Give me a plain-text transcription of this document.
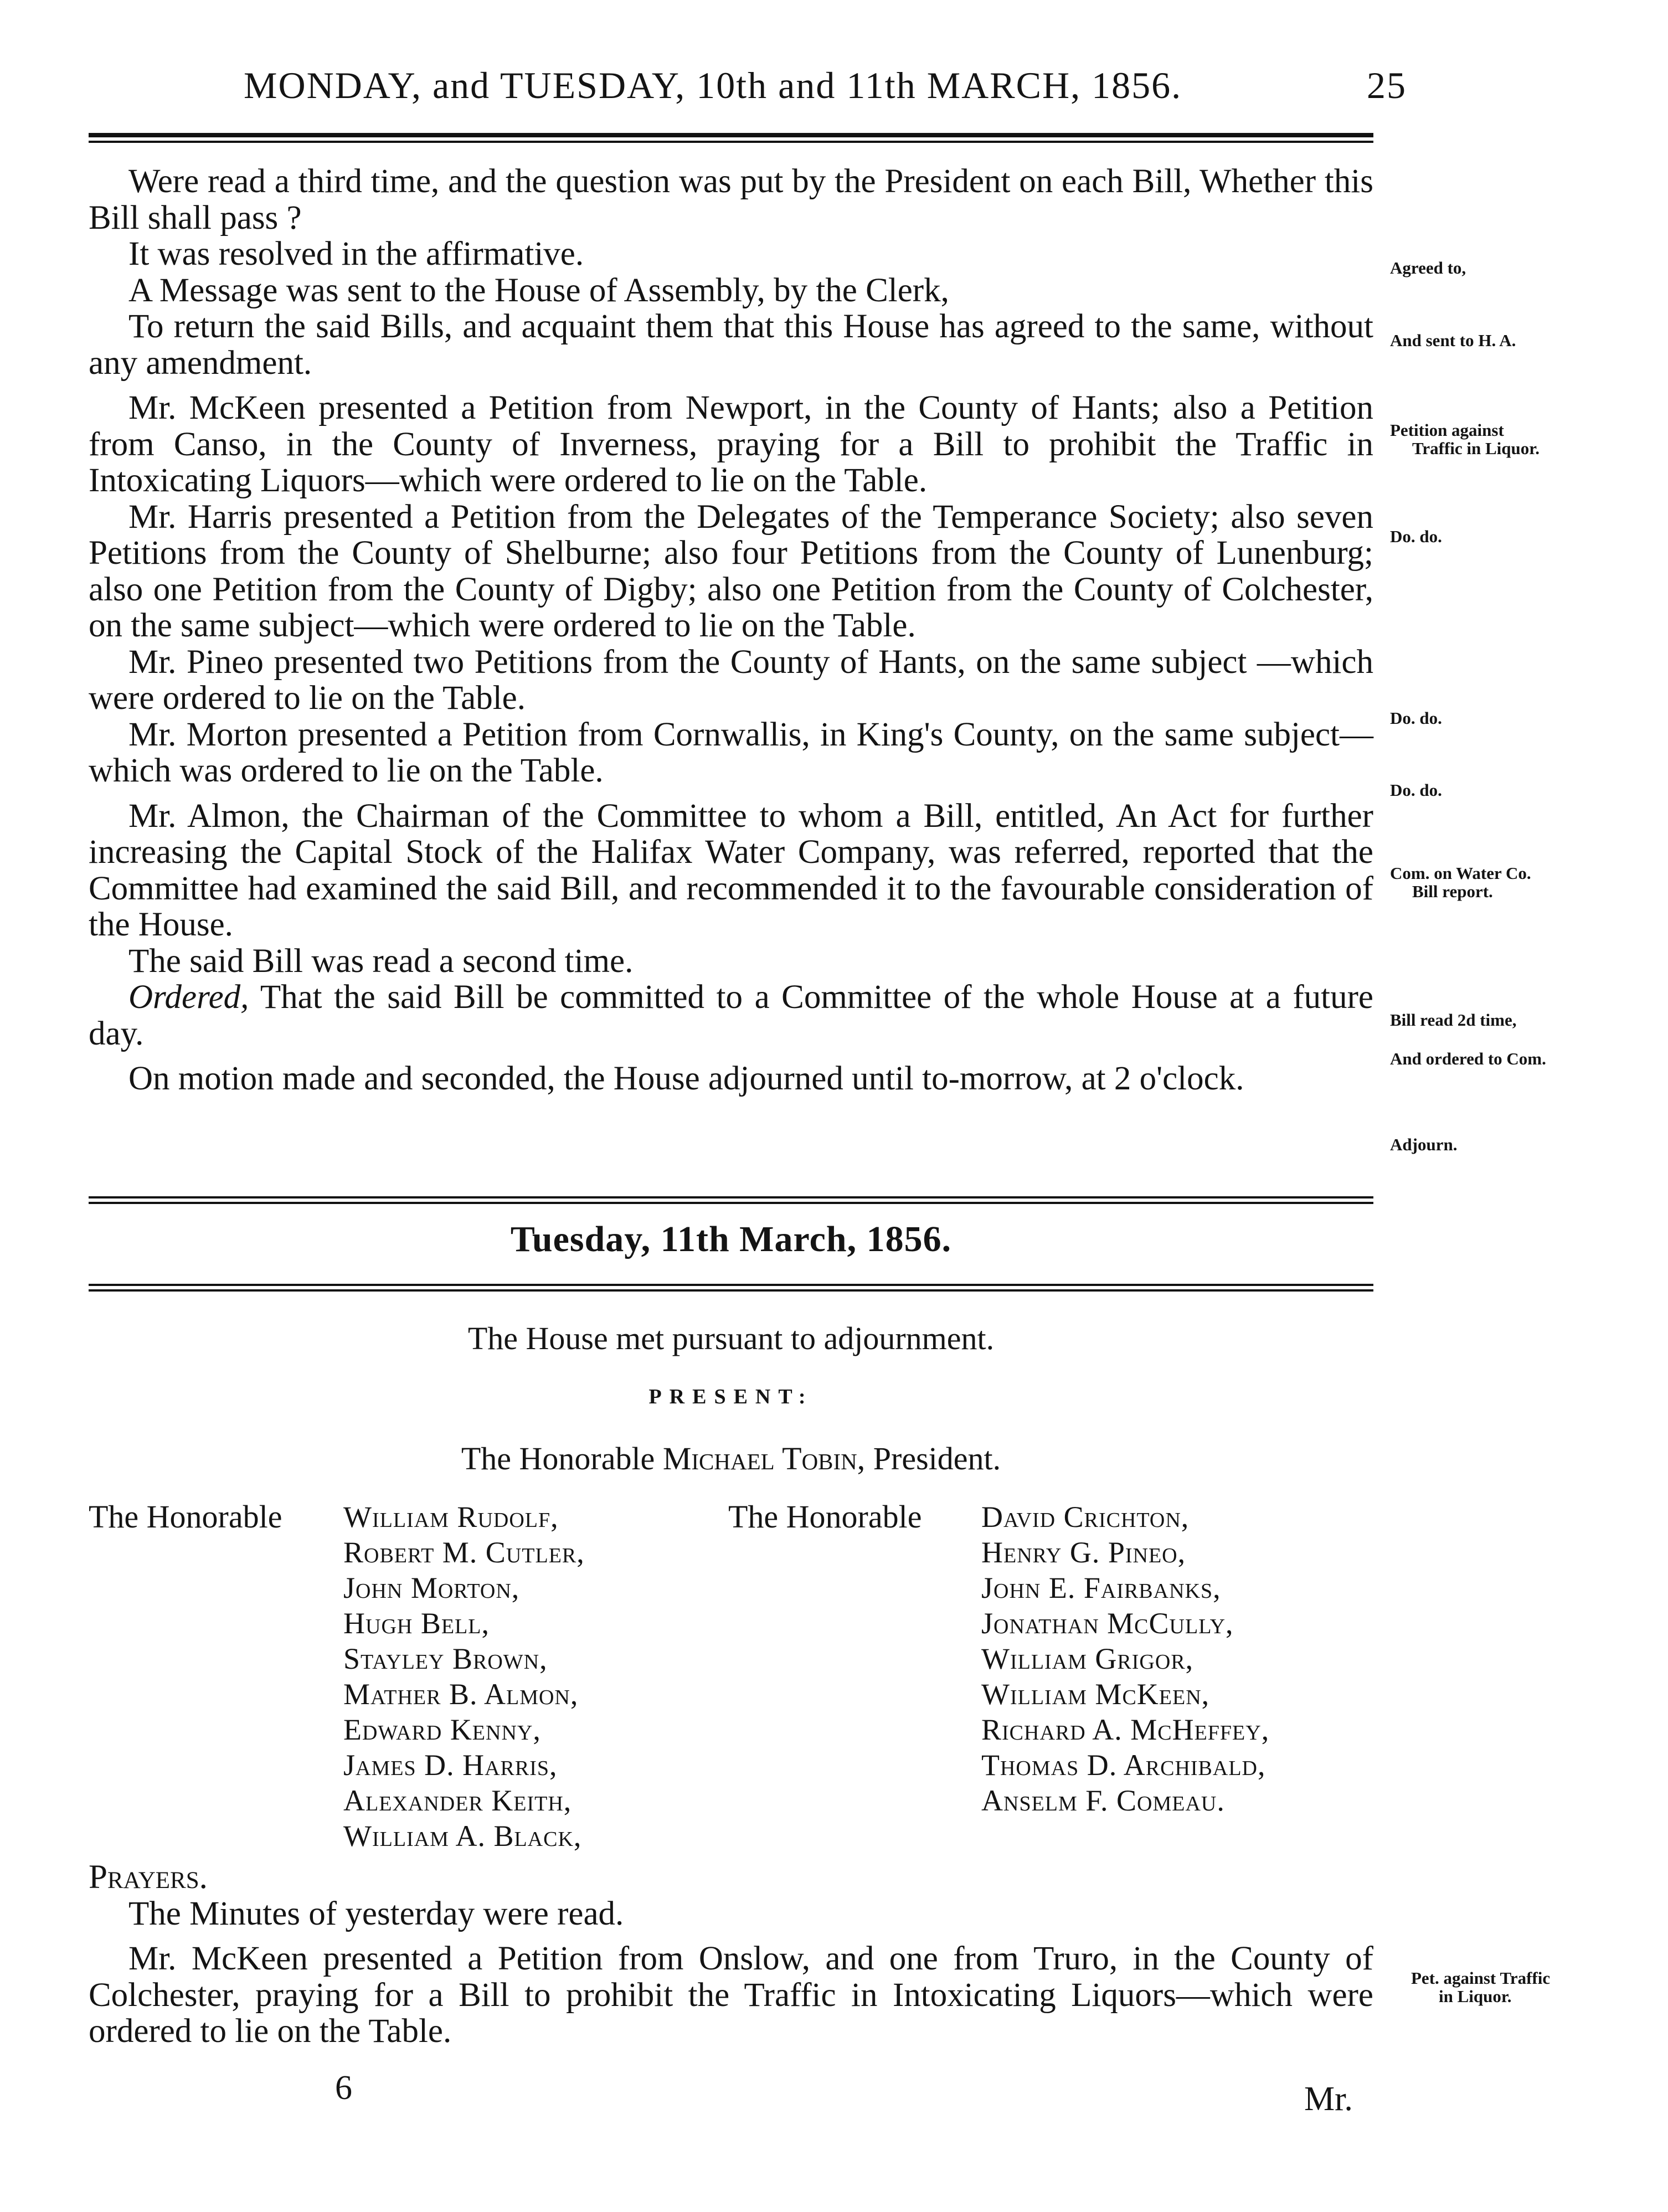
MONDAY, and TUESDAY, 10th and 11th MARCH, 1856.	25

Were read a third time, and the question was put by the President on each Bill, Whether this Bill shall pass ?

It was resolved in the affirmative.

A Message was sent to the House of Assembly, by the Clerk,

To return the said Bills, and acquaint them that this House has agreed to the same, without any amendment.

Mr. McKeen presented a Petition from Newport, in the County of Hants; also a Petition from Canso, in the County of Inverness, praying for a Bill to prohibit the Traffic in Intoxicating Liquors—which were ordered to lie on the Table.

Mr. Harris presented a Petition from the Delegates of the Temperance Society; also seven Petitions from the County of Shelburne; also four Petitions from the County of Lunenburg; also one Petition from the County of Digby; also one Petition from the County of Colchester, on the same subject—which were ordered to lie on the Table.

Mr. Pineo presented two Petitions from the County of Hants, on the same subject —which were ordered to lie on the Table.

Mr. Morton presented a Petition from Cornwallis, in King's County, on the same subject—which was ordered to lie on the Table.

Mr. Almon, the Chairman of the Committee to whom a Bill, entitled, An Act for further increasing the Capital Stock of the Halifax Water Company, was referred, reported that the Committee had examined the said Bill, and recommended it to the favourable consideration of the House.

The said Bill was read a second time.

Ordered, That the said Bill be committed to a Committee of the whole House at a future day.

On motion made and seconded, the House adjourned until to-morrow, at 2 o'clock.

Agreed to,
And sent to H. A.
Petition against
Traffic in Liquor.
Do. do.
Do. do.
Do. do.
Com. on Water Co.
Bill report.
Bill read 2d time,
And ordered to Com.
Adjourn.
Tuesday, 11th March, 1856.
The House met pursuant to adjournment.
PRESENT:
The Honorable Michael Tobin, President.
The Honorable William Rudolf,
Robert M. Cutler,
John Morton,
Hugh Bell,
Stayley Brown,
Mather B. Almon,
Edward Kenny,
James D. Harris,
Alexander Keith,
William A. Black,
The Honorable David Crichton,
Henry G. Pineo,
John E. Fairbanks,
Jonathan McCully,
William Grigor,
William McKeen,
Richard A. McHeffey,
Thomas D. Archibald,
Anselm F. Comeau.

Prayers.

The Minutes of yesterday were read.

Mr. McKeen presented a Petition from Onslow, and one from Truro, in the County of Colchester, praying for a Bill to prohibit the Traffic in Intoxicating Liquors—which were ordered to lie on the Table.

Pet. against Traffic
in Liquor.
6	Mr.
